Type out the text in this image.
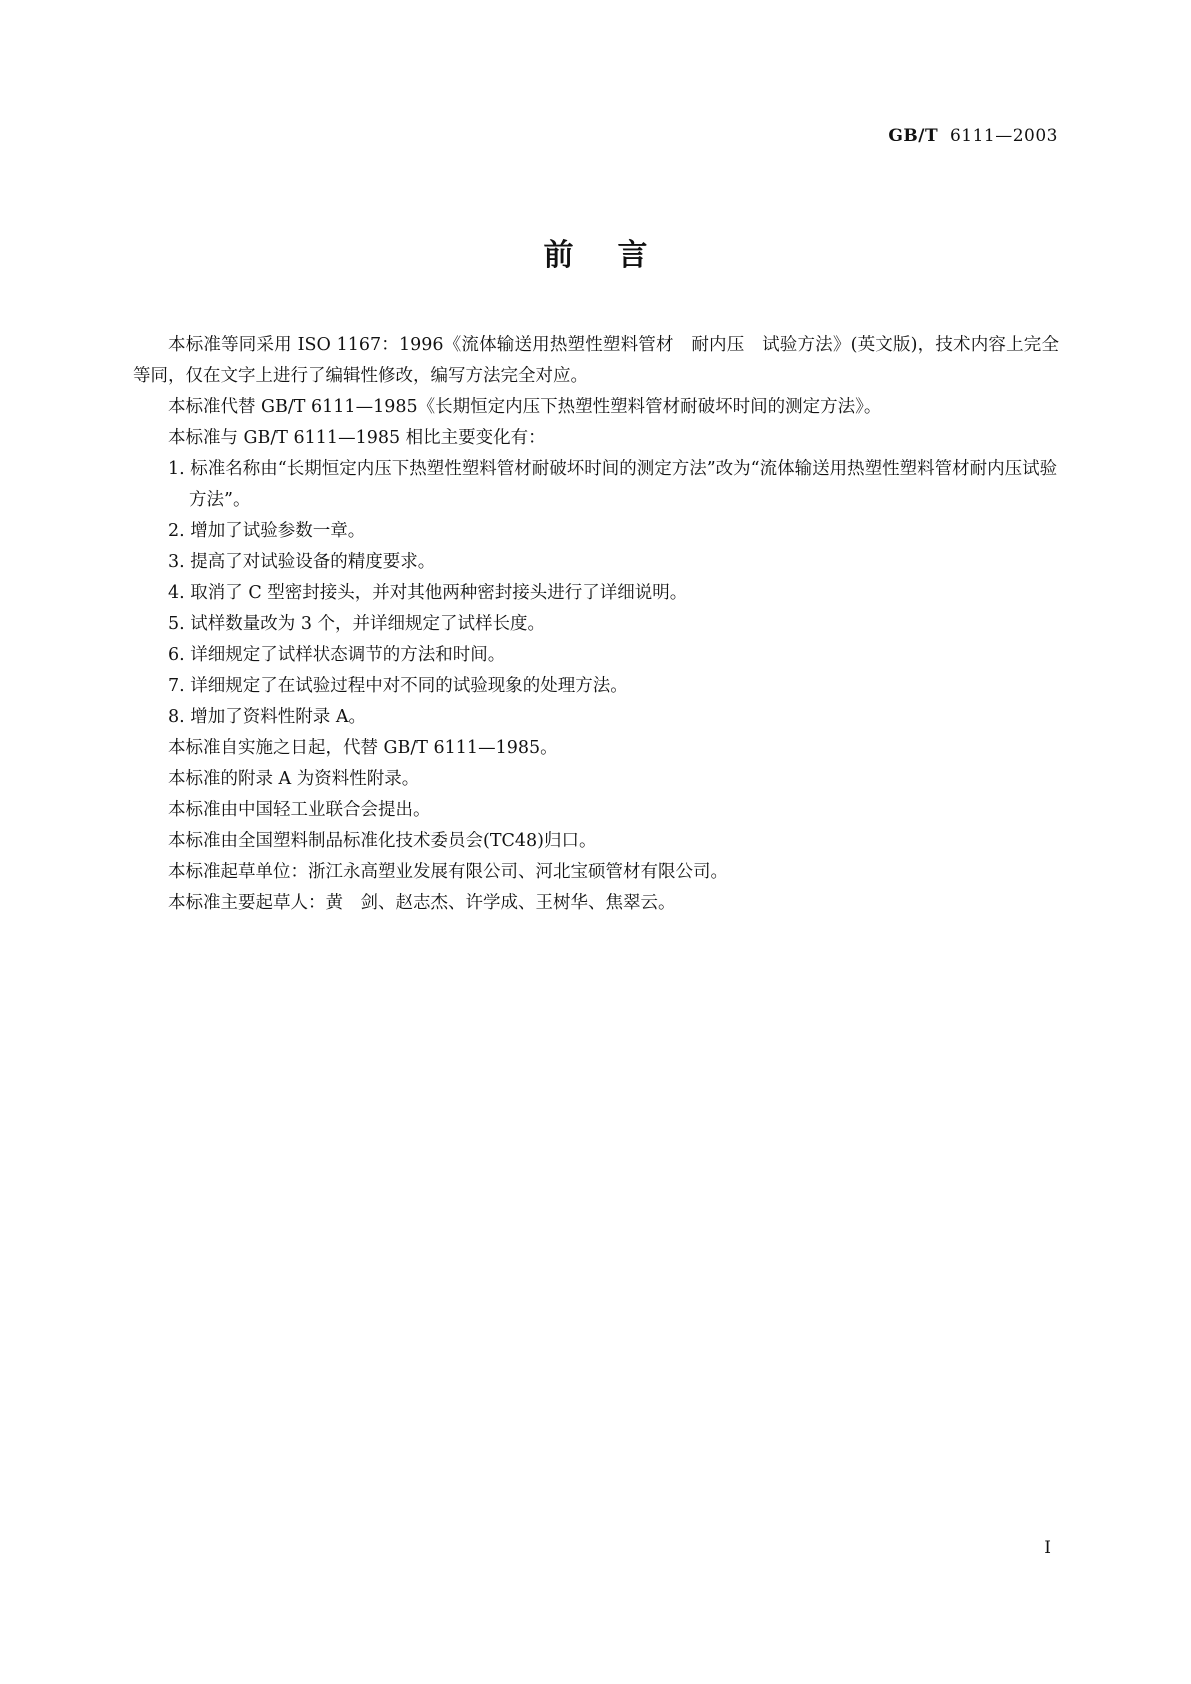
GB/T 6111—2003
前言

本标准等同采用 ISO 1167：1996《流体输送用热塑性塑料管材　耐内压　试验方法》(英文版)，技术内容上完全等同，仅在文字上进行了编辑性修改，编写方法完全对应。

本标准代替 GB/T 6111—1985《长期恒定内压下热塑性塑料管材耐破坏时间的测定方法》。

本标准与 GB/T 6111—1985 相比主要变化有：

1. 标准名称由“长期恒定内压下热塑性塑料管材耐破坏时间的测定方法”改为“流体输送用热塑性塑料管材耐内压试验方法”。

2. 增加了试验参数一章。

3. 提高了对试验设备的精度要求。

4. 取消了 C 型密封接头，并对其他两种密封接头进行了详细说明。

5. 试样数量改为 3 个，并详细规定了试样长度。

6. 详细规定了试样状态调节的方法和时间。

7. 详细规定了在试验过程中对不同的试验现象的处理方法。

8. 增加了资料性附录 A。

本标准自实施之日起，代替 GB/T 6111—1985。

本标准的附录 A 为资料性附录。

本标准由中国轻工业联合会提出。

本标准由全国塑料制品标准化技术委员会(TC48)归口。

本标准起草单位：浙江永高塑业发展有限公司、河北宝硕管材有限公司。

本标准主要起草人：黄　剑、赵志杰、许学成、王树华、焦翠云。

I
